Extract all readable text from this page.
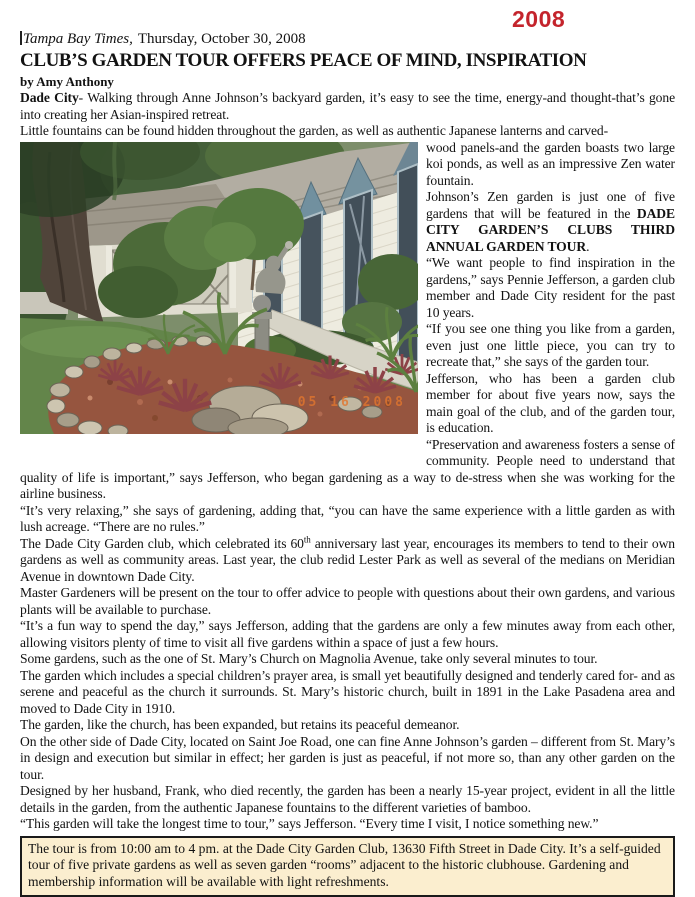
2008
Tampa Bay Times, Thursday, October 30, 2008
CLUB’S GARDEN TOUR OFFERS PEACE OF MIND, INSPIRATION
by Amy Anthony

Dade City- Walking through Anne Johnson’s backyard garden, it’s easy to see the time, energy-and thought-that’s gone into creating her Asian-inspired retreat.

Little fountains can be found hidden throughout the garden, as well as authentic Japanese lanterns and carved-

05 16 2008

wood panels-and the garden boasts two large koi ponds, as well as an impressive Zen water fountain.

Johnson’s Zen garden is just one of five gardens that will be featured in the DADE CITY GARDEN’S CLUBS THIRD ANNUAL GARDEN TOUR.

“We want people to find inspiration in the gardens,” says Pennie Jefferson, a garden club member and Dade City resident for the past 10 years.

“If you see one thing you like from a garden, even just one little piece, you can try to recreate that,” she says of the garden tour.

Jefferson, who has been a garden club member for about five years now, says the main goal of the club, and of the garden tour, is education.

“Preservation and awareness fosters a sense of community. People need to understand that quality of life is important,” says Jefferson, who began gardening as a way to de-stress when she was working for the airline business.

“It’s very relaxing,” she says of gardening, adding that, “you can have the same experience with a little garden as with lush acreage. “There are no rules.”

The Dade City Garden club, which celebrated its 60th anniversary last year, encourages its members to tend to their own gardens as well as community areas. Last year, the club redid Lester Park as well as several of the medians on Meridian Avenue in downtown Dade City.

Master Gardeners will be present on the tour to offer advice to people with questions about their own gardens, and various plants will be available to purchase.

“It’s a fun way to spend the day,” says Jefferson, adding that the gardens are only a few minutes away from each other, allowing visitors plenty of time to visit all five gardens within a space of just a few hours.

Some gardens, such as the one of St. Mary’s Church on Magnolia Avenue, take only several minutes to tour.

The garden which includes a special children’s prayer area, is small yet beautifully designed and tenderly cared for- and as serene and peaceful as the church it surrounds. St. Mary’s historic church, built in 1891 in the Lake Pasadena area and moved to Dade City in 1910.

The garden, like the church, has been expanded, but retains its peaceful demeanor.

On the other side of Dade City, located on Saint Joe Road, one can fine Anne Johnson’s garden – different from St. Mary’s in design and execution but similar in effect; her garden is just as peaceful, if not more so, than any other garden on the tour.

Designed by her husband, Frank, who died recently, the garden has been a nearly 15-year project, evident in all the little details in the garden, from the authentic Japanese fountains to the different varieties of bamboo.

“This garden will take the longest time to tour,” says Jefferson. “Every time I visit, I notice something new.”

The tour is from 10:00 am to 4 pm. at the Dade City Garden Club, 13630 Fifth Street in Dade City. It’s a self-guided tour of five private gardens as well as seven garden “rooms” adjacent to the historic clubhouse. Gardening and membership information will be available with light refreshments.
